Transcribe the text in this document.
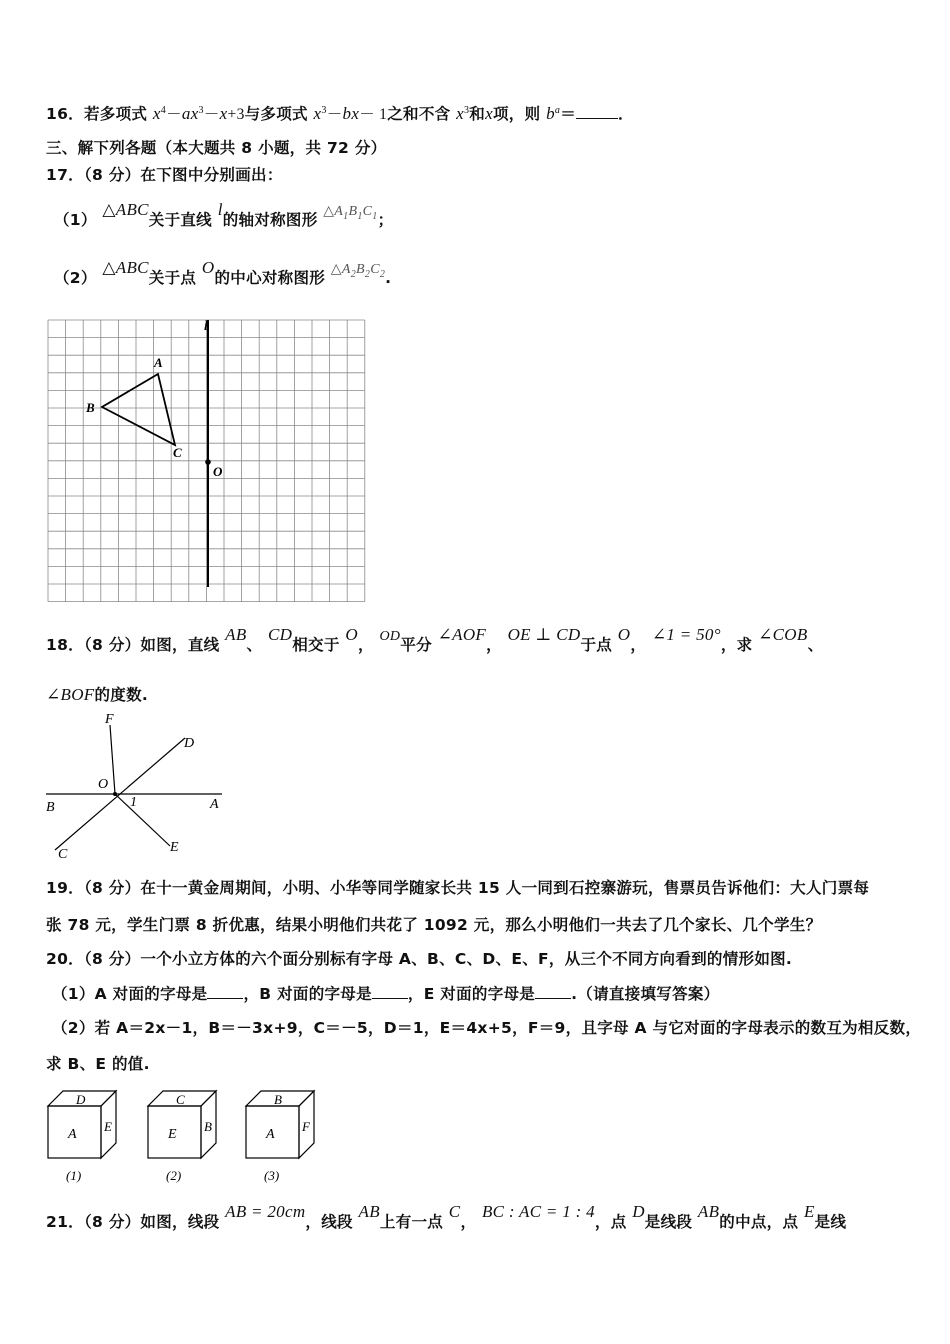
16．若多项式 $x^4-ax^3-x+3$与多项式 $x^3-bx- 1$之和不含 $x^3$和x项，则 $b^a=$	．
三、解下列各题（本大题共 8 小题，共 72 分）
17．（8 分）在下图中分别画出：
（1） △ABC关于直线 l的轴对称图形 $\triangle A_1B_1C_1$；
（2） △ABC关于点 O的中心对称图形 $\triangle A_2B_2C_2$.
l
A
B
C
O
18．（8 分）如图，直线 AB、 CD相交于 O， OD平分 ∠AOF， OE ⊥ CD于点 O， ∠1 = 50°，求 ∠COB、
∠BOF的度数.
F
D
O
1
B	A
C	E
19．（8 分）在十一黄金周期间，小明、小华等同学随家长共 15 人一同到石控寨游玩，售票员告诉他们：大人门票每
张 78 元，学生门票 8 折优惠，结果小明他们共花了 1092 元，那么小明他们一共去了几个家长、几个学生？
20．（8 分）一个小立方体的六个面分别标有字母 A、B、C、D、E、F，从三个不同方向看到的情形如图.
（1）A 对面的字母是 ，B 对面的字母是 ，E 对面的字母是 .（请直接填写答案）
（2）若 A＝2x－1，B＝－3x+9，C＝－5，D＝1，E＝4x+5，F＝9，且字母 A 与它对面的字母表示的数互为相反数，
求 B、E 的值.
D
A
E
(1)
C
E
B
(2)
B
A
F
(3)
21．（8 分）如图，线段 AB = 20cm，线段 AB上有一点 C， BC : AC = 1 : 4，点 D是线段 AB的中点，点 E是线
